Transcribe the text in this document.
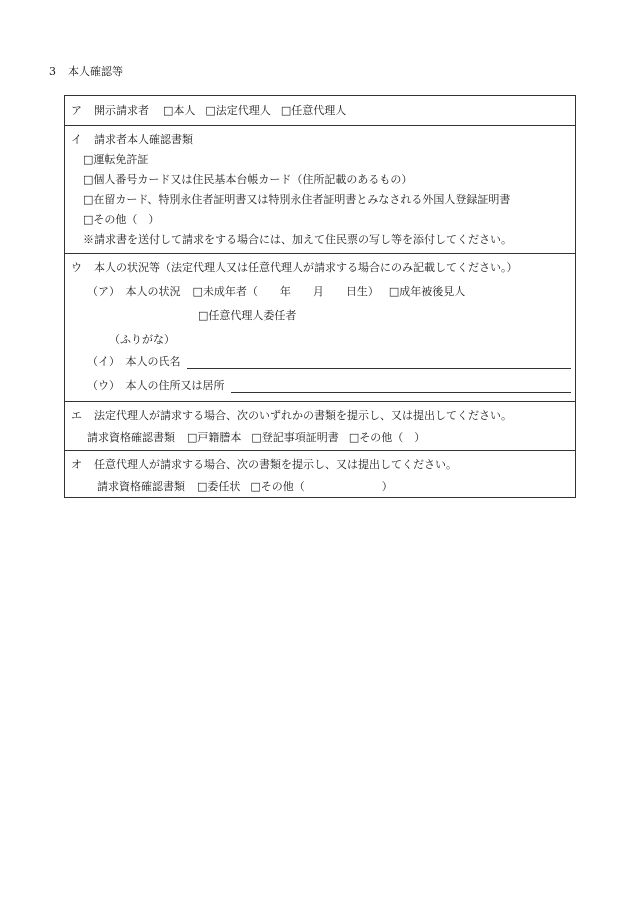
3 本人確認等
ア 開示請求者 □本人 □法定代理人 □任意代理人
イ 請求者本人確認書類
□運転免許証
□個人番号カード又は住民基本台帳カード（住所記載のあるもの）
□在留カード、特別永住者証明書又は特別永住者証明書とみなされる外国人登録証明書
□その他（　）
※請求書を送付して請求をする場合には、加えて住民票の写し等を添付してください。
ウ 本人の状況等（法定代理人又は任意代理人が請求する場合にのみ記載してください。）
（ア）　本人の状況 □未成年者（　　年　　月　　日生） □成年被後見人
□任意代理人委任者
（ふりがな）
（イ）　本人の氏名
（ウ）　本人の住所又は居所
エ 法定代理人が請求する場合、次のいずれかの書類を提示し、又は提出してください。
請求資格確認書類 □戸籍謄本 □登記事項証明書 □その他（　）
オ 任意代理人が請求する場合、次の書類を提示し、又は提出してください。
請求資格確認書類 □委任状 □その他（　　　　　　　）
